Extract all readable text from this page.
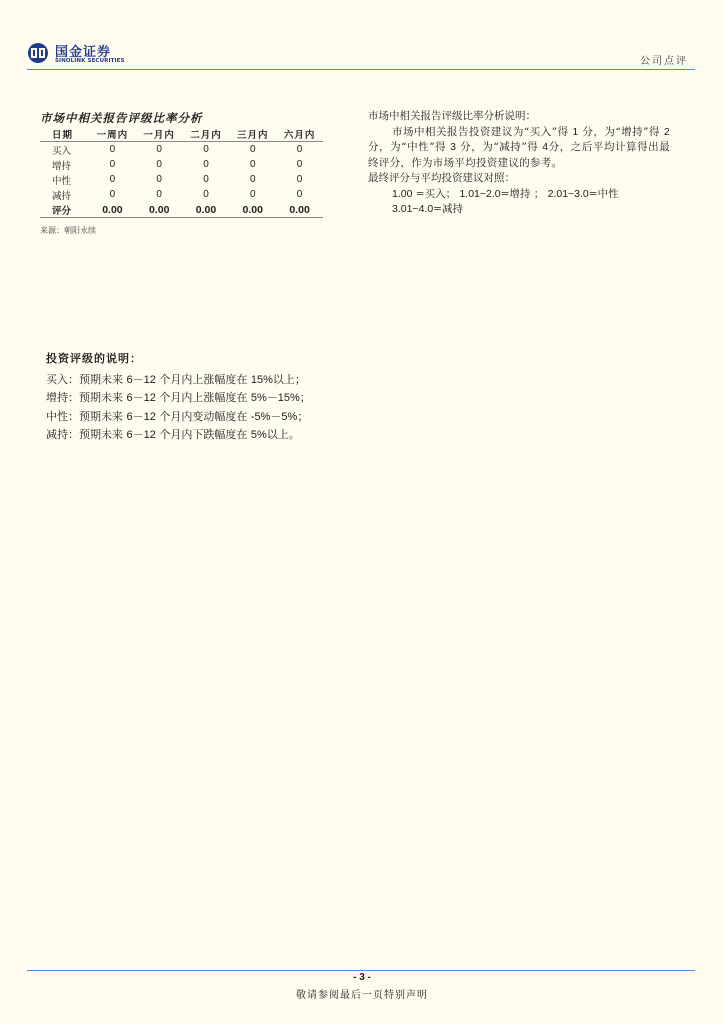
国金证券
SINOLINK SECURITIES	公司点评
市场中相关报告评级比率分析
日期	一周内	一月内	二月内	三月内	六月内
买入	0	0	0	0	0
增持	0	0	0	0	0
中性	0	0	0	0	0
减持	0	0	0	0	0
评分	0.00	0.00	0.00	0.00	0.00
来源：朝阳永续

市场中相关报告评级比率分析说明：

市场中相关报告投资建议为“买入”得 1 分，为“增持”得 2 分，为“中性”得 3 分，为“减持”得 4分，之后平均计算得出最终评分，作为市场平均投资建议的参考。

最终评分与平均投资建议对照：

1.00 =买入； 1.01~2.0=增持 ； 2.01~3.0=中性

3.01~4.0=减持

投资评级的说明：

买入：预期未来 6－12 个月内上涨幅度在 15%以上；

增持：预期未来 6－12 个月内上涨幅度在 5%－15%；

中性：预期未来 6－12 个月内变动幅度在 -5%－5%；

减持：预期未来 6－12 个月内下跌幅度在 5%以上。

- 3 -
敬请参阅最后一页特别声明
